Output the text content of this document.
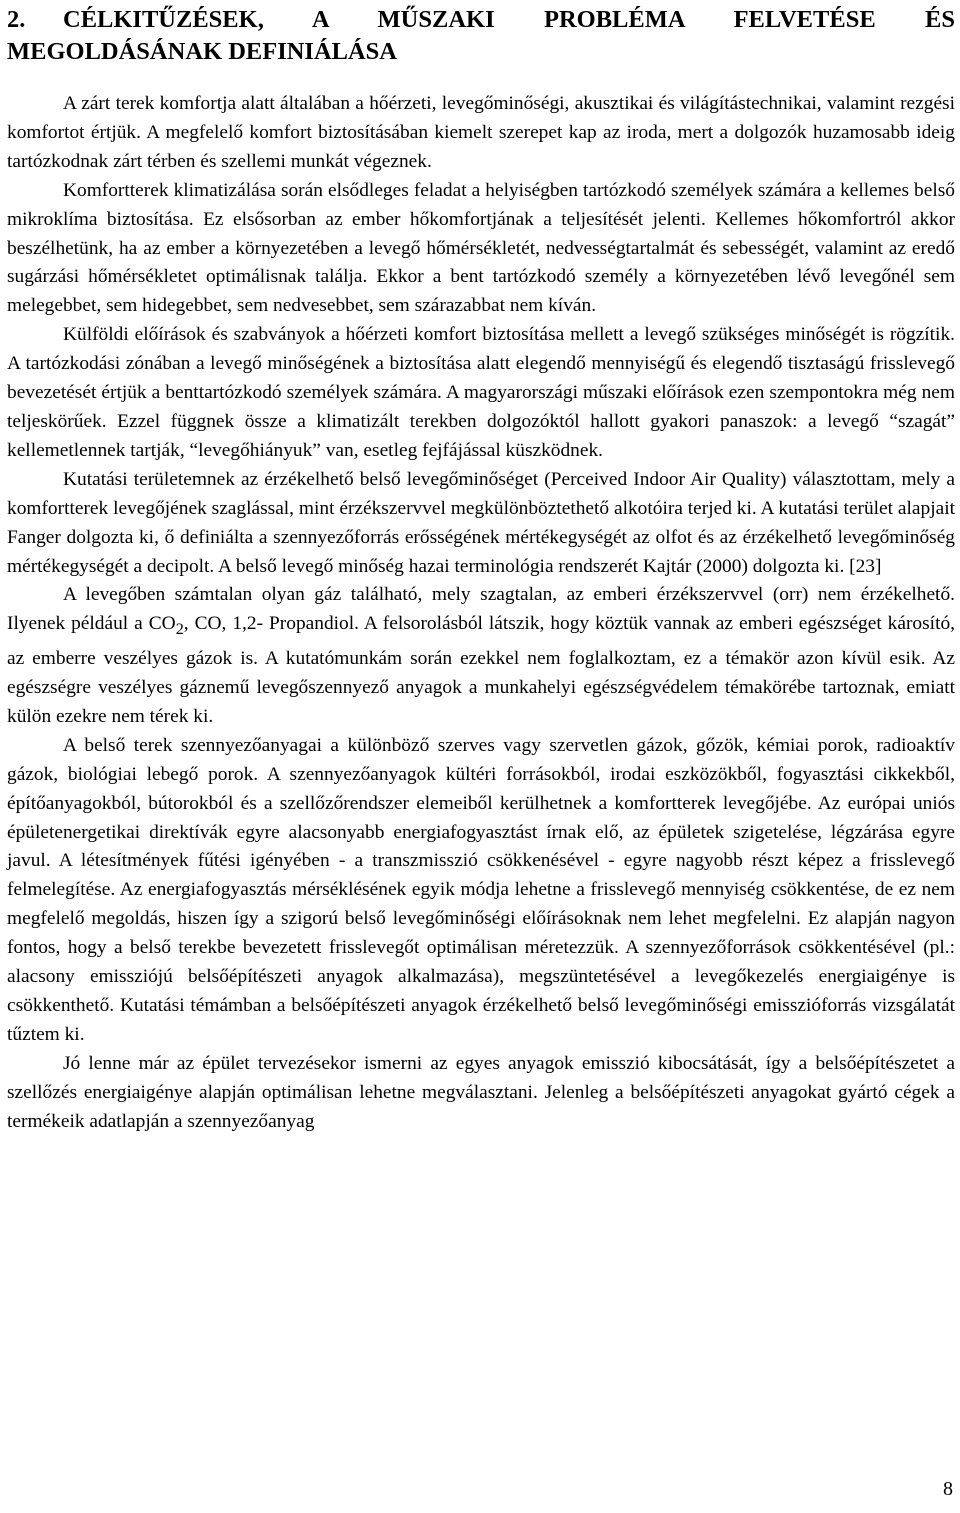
2. CÉLKITŰZÉSEK, A MŰSZAKI PROBLÉMA FELVETÉSE ÉS MEGOLDÁSÁNAK DEFINIÁLÁSA

A zárt terek komfortja alatt általában a hőérzeti, levegőminőségi, akusztikai és világítástechnikai, valamint rezgési komfortot értjük. A megfelelő komfort biztosításában kiemelt szerepet kap az iroda, mert a dolgozók huzamosabb ideig tartózkodnak zárt térben és szellemi munkát végeznek.

Komfortterek klimatizálása során elsődleges feladat a helyiségben tartózkodó személyek számára a kellemes belső mikroklíma biztosítása. Ez elsősorban az ember hőkomfortjának a teljesítését jelenti. Kellemes hőkomfortról akkor beszélhetünk, ha az ember a környezetében a levegő hőmérsékletét, nedvességtartalmát és sebességét, valamint az eredő sugárzási hőmérsékletet optimálisnak találja. Ekkor a bent tartózkodó személy a környezetében lévő levegőnél sem melegebbet, sem hidegebbet, sem nedvesebbet, sem szárazabbat nem kíván.

Külföldi előírások és szabványok a hőérzeti komfort biztosítása mellett a levegő szükséges minőségét is rögzítik. A tartózkodási zónában a levegő minőségének a biztosítása alatt elegendő mennyiségű és elegendő tisztaságú frisslevegő bevezetését értjük a benttartózkodó személyek számára. A magyarországi műszaki előírások ezen szempontokra még nem teljeskörűek. Ezzel függnek össze a klimatizált terekben dolgozóktól hallott gyakori panaszok: a levegő “szagát” kellemetlennek tartják, “levegőhiányuk” van, esetleg fejfájással küszködnek.

Kutatási területemnek az érzékelhető belső levegőminőséget (Perceived Indoor Air Quality) választottam, mely a komfortterek levegőjének szaglással, mint érzékszervvel megkülönböztethető alkotóira terjed ki. A kutatási terület alapjait Fanger dolgozta ki, ő definiálta a szennyezőforrás erősségének mértékegységét az olfot és az érzékelhető levegőminőség mértékegységét a decipolt. A belső levegő minőség hazai terminológia rendszerét Kajtár (2000) dolgozta ki. [23]

A levegőben számtalan olyan gáz található, mely szagtalan, az emberi érzékszervvel (orr) nem érzékelhető. Ilyenek például a $CO_2$, CO, 1,2- Propandiol. A felsorolásból látszik, hogy köztük vannak az emberi egészséget károsító, az emberre veszélyes gázok is. A kutatómunkám során ezekkel nem foglalkoztam, ez a témakör azon kívül esik. Az egészségre veszélyes gáznemű levegőszennyező anyagok a munkahelyi egészségvédelem témakörébe tartoznak, emiatt külön ezekre nem térek ki.

A belső terek szennyezőanyagai a különböző szerves vagy szervetlen gázok, gőzök, kémiai porok, radioaktív gázok, biológiai lebegő porok. A szennyezőanyagok kültéri forrásokból, irodai eszközökből, fogyasztási cikkekből, építőanyagokból, bútorokból és a szellőzőrendszer elemeiből kerülhetnek a komfortterek levegőjébe. Az európai uniós épületenergetikai direktívák egyre alacsonyabb energiafogyasztást írnak elő, az épületek szigetelése, légzárása egyre javul. A létesítmények fűtési igényében - a transzmisszió csökkenésével - egyre nagyobb részt képez a frisslevegő felmelegítése. Az energiafogyasztás mérséklésének egyik módja lehetne a frisslevegő mennyiség csökkentése, de ez nem megfelelő megoldás, hiszen így a szigorú belső levegőminőségi előírásoknak nem lehet megfelelni. Ez alapján nagyon fontos, hogy a belső terekbe bevezetett frisslevegőt optimálisan méretezzük. A szennyezőforrások csökkentésével (pl.: alacsony emissziójú belsőépítészeti anyagok alkalmazása), megszüntetésével a levegőkezelés energiaigénye is csökkenthető. Kutatási témámban a belsőépítészeti anyagok érzékelhető belső levegőminőségi emisszióforrás vizsgálatát tűztem ki.

Jó lenne már az épület tervezésekor ismerni az egyes anyagok emisszió kibocsátását, így a belsőépítészetet a szellőzés energiaigénye alapján optimálisan lehetne megválasztani. Jelenleg a belsőépítészeti anyagokat gyártó cégek a termékeik adatlapján a szennyezőanyag

8
